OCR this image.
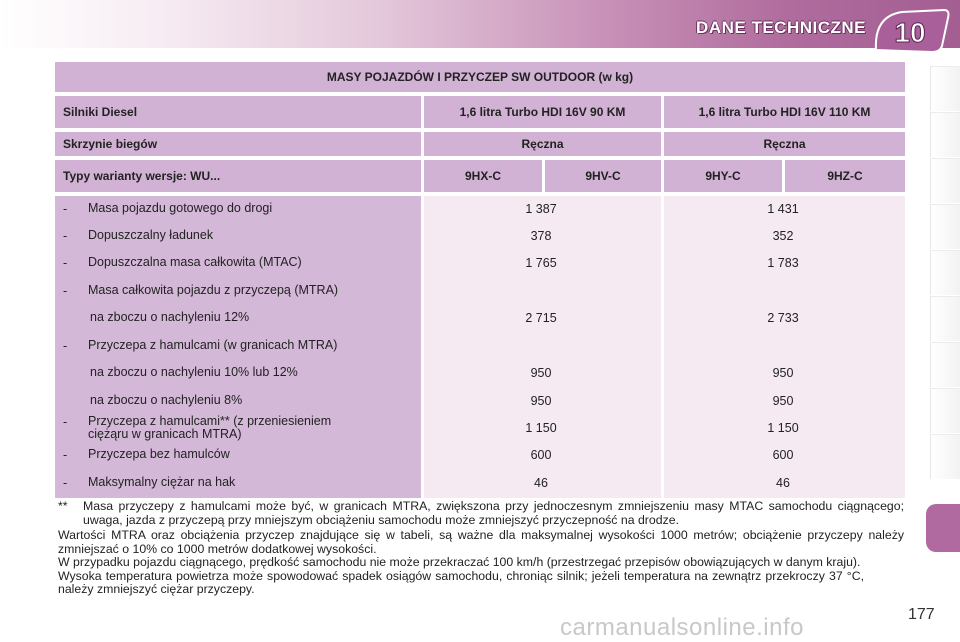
DANE TECHNICZNE 10
MASY POJAZDÓW I PRZYCZEP SW OUTDOOR (w kg)
Silniki Diesel	1,6 litra Turbo HDI 16V 90 KM	1,6 litra Turbo HDI 16V 110 KM
Skrzynie biegów	Ręczna	Ręczna
Typy warianty wersje: WU...	9HX-C	9HV-C	9HY-C	9HZ-C
- Masa pojazdu gotowego do drogi	1 387	1 431
- Dopuszczalny ładunek	378	352
- Dopuszczalna masa całkowita (MTAC)	1 765	1 783
- Masa całkowita pojazdu z przyczepą (MTRA)
na zboczu o nachyleniu 12%	2 715	2 733
- Przyczepa z hamulcami (w granicach MTRA)
na zboczu o nachyleniu 10% lub 12%	950	950
na zboczu o nachyleniu 8%	950	950
- Przyczepa z hamulcami** (z przeniesieniem
ciężąru w granicach MTRA)	1 150	1 150
- Przyczepa bez hamulców	600	600
- Maksymalny ciężar na hak	46	46
** Masa przyczepy z hamulcami może być, w granicach MTRA, zwiększona przy jednoczesnym zmniejszeniu masy MTAC samochodu ciągnącego; uwaga, jazda z przyczepą przy mniejszym obciążeniu samochodu może zmniejszyć przyczepność na drodze.
Wartości MTRA oraz obciążenia przyczep znajdujące się w tabeli, są ważne dla maksymalnej wysokości 1000 metrów; obciążenie przyczepy należy zmniejszać o 10% co 1000 metrów dodatkowej wysokości.
W przypadku pojazdu ciągnącego, prędkość samochodu nie może przekraczać 100 km/h (przestrzegać przepisów obowiązujących w danym kraju).
Wysoka temperatura powietrza może spowodować spadek osiągów samochodu, chroniąc silnik; jeżeli temperatura na zewnątrz przekroczy 37 °C, należy zmniejszyć ciężar przyczepy.
carmanualsonline.info	177
